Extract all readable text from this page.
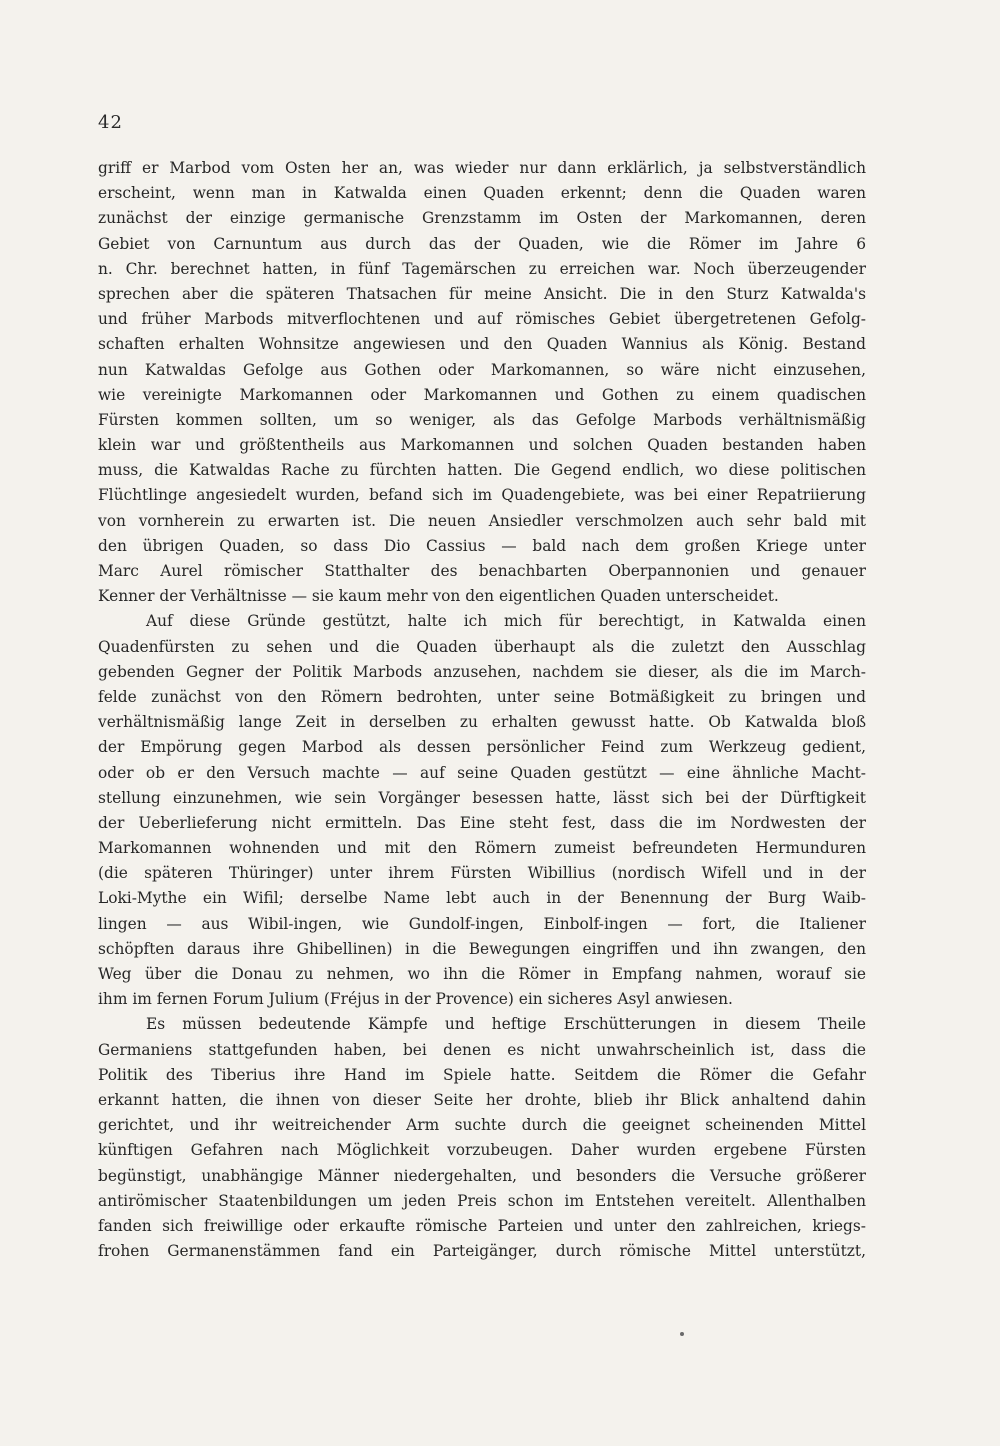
42
griff er Marbod vom Osten her an, was wieder nur dann erklärlich, ja selbstverständlich
erscheint, wenn man in Katwalda einen Quaden erkennt; denn die Quaden waren
zunächst der einzige germanische Grenzstamm im Osten der Markomannen, deren
Gebiet von Carnuntum aus durch das der Quaden, wie die Römer im Jahre 6
n. Chr. berechnet hatten, in fünf Tagemärschen zu erreichen war. Noch überzeugender
sprechen aber die späteren Thatsachen für meine Ansicht. Die in den Sturz Katwalda's
und früher Marbods mitverflochtenen und auf römisches Gebiet übergetretenen Gefolg-
schaften erhalten Wohnsitze angewiesen und den Quaden Wannius als König. Bestand
nun Katwaldas Gefolge aus Gothen oder Markomannen, so wäre nicht einzusehen,
wie vereinigte Markomannen oder Markomannen und Gothen zu einem quadischen
Fürsten kommen sollten, um so weniger, als das Gefolge Marbods verhältnismäßig
klein war und größtentheils aus Markomannen und solchen Quaden bestanden haben
muss, die Katwaldas Rache zu fürchten hatten. Die Gegend endlich, wo diese politischen
Flüchtlinge angesiedelt wurden, befand sich im Quadengebiete, was bei einer Repatriierung
von vornherein zu erwarten ist. Die neuen Ansiedler verschmolzen auch sehr bald mit
den übrigen Quaden, so dass Dio Cassius — bald nach dem großen Kriege unter
Marc Aurel römischer Statthalter des benachbarten Oberpannonien und genauer
Kenner der Verhältnisse — sie kaum mehr von den eigentlichen Quaden unterscheidet.
Auf diese Gründe gestützt, halte ich mich für berechtigt, in Katwalda einen
Quadenfürsten zu sehen und die Quaden überhaupt als die zuletzt den Ausschlag
gebenden Gegner der Politik Marbods anzusehen, nachdem sie dieser, als die im March-
felde zunächst von den Römern bedrohten, unter seine Botmäßigkeit zu bringen und
verhältnismäßig lange Zeit in derselben zu erhalten gewusst hatte. Ob Katwalda bloß
der Empörung gegen Marbod als dessen persönlicher Feind zum Werkzeug gedient,
oder ob er den Versuch machte — auf seine Quaden gestützt — eine ähnliche Macht-
stellung einzunehmen, wie sein Vorgänger besessen hatte, lässt sich bei der Dürftigkeit
der Ueberlieferung nicht ermitteln. Das Eine steht fest, dass die im Nordwesten der
Markomannen wohnenden und mit den Römern zumeist befreundeten Hermunduren
(die späteren Thüringer) unter ihrem Fürsten Wibillius (nordisch Wifell und in der
Loki-Mythe ein Wifil; derselbe Name lebt auch in der Benennung der Burg Waib-
lingen — aus Wibil-ingen, wie Gundolf-ingen, Einbolf-ingen — fort, die Italiener
schöpften daraus ihre Ghibellinen) in die Bewegungen eingriffen und ihn zwangen, den
Weg über die Donau zu nehmen, wo ihn die Römer in Empfang nahmen, worauf sie
ihm im fernen Forum Julium (Fréjus in der Provence) ein sicheres Asyl anwiesen.
Es müssen bedeutende Kämpfe und heftige Erschütterungen in diesem Theile
Germaniens stattgefunden haben, bei denen es nicht unwahrscheinlich ist, dass die
Politik des Tiberius ihre Hand im Spiele hatte. Seitdem die Römer die Gefahr
erkannt hatten, die ihnen von dieser Seite her drohte, blieb ihr Blick anhaltend dahin
gerichtet, und ihr weitreichender Arm suchte durch die geeignet scheinenden Mittel
künftigen Gefahren nach Möglichkeit vorzubeugen. Daher wurden ergebene Fürsten
begünstigt, unabhängige Männer niedergehalten, und besonders die Versuche größerer
antirömischer Staatenbildungen um jeden Preis schon im Entstehen vereitelt. Allenthalben
fanden sich freiwillige oder erkaufte römische Parteien und unter den zahlreichen, kriegs-
frohen Germanenstämmen fand ein Parteigänger, durch römische Mittel unterstützt,
